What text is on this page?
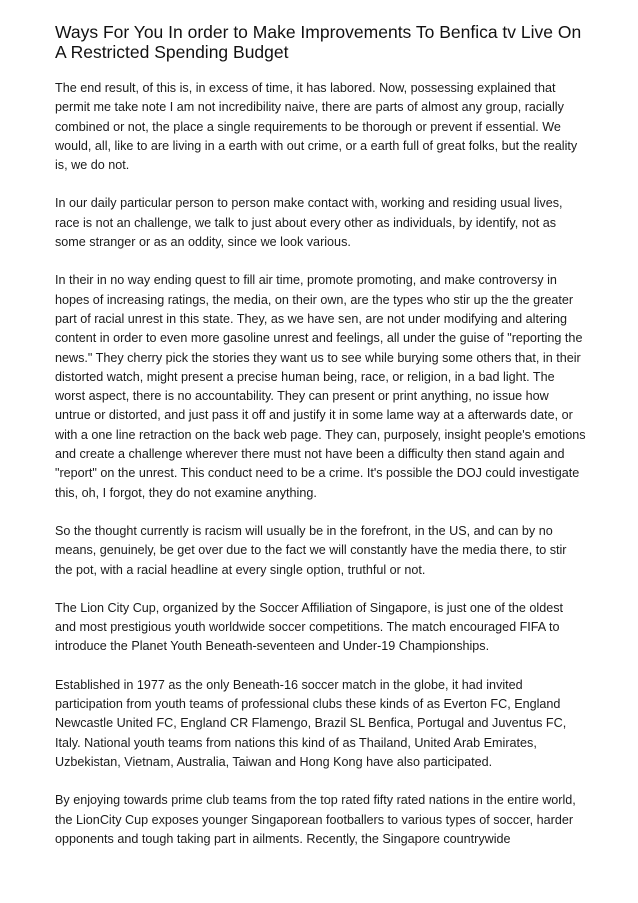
Ways For You In order to Make Improvements To Benfica tv Live On A Restricted Spending Budget

The end result, of this is, in excess of time, it has labored. Now, possessing explained that permit me take note I am not incredibility naive, there are parts of almost any group, racially combined or not, the place a single requirements to be thorough or prevent if essential. We would, all, like to are living in a earth with out crime, or a earth full of great folks, but the reality is, we do not.

In our daily particular person to person make contact with, working and residing usual lives, race is not an challenge, we talk to just about every other as individuals, by identify, not as some stranger or as an oddity, since we look various.

In their in no way ending quest to fill air time, promote promoting, and make controversy in hopes of increasing ratings, the media, on their own, are the types who stir up the the greater part of racial unrest in this state. They, as we have sen, are not under modifying and altering content in order to even more gasoline unrest and feelings, all under the guise of "reporting the news." They cherry pick the stories they want us to see while burying some others that, in their distorted watch, might present a precise human being, race, or religion, in a bad light. The worst aspect, there is no accountability. They can present or print anything, no issue how untrue or distorted, and just pass it off and justify it in some lame way at a afterwards date, or with a one line retraction on the back web page. They can, purposely, insight people's emotions and create a challenge wherever there must not have been a difficulty then stand again and "report" on the unrest. This conduct need to be a crime. It's possible the DOJ could investigate this, oh, I forgot, they do not examine anything.

So the thought currently is racism will usually be in the forefront, in the US, and can by no means, genuinely, be get over due to the fact we will constantly have the media there, to stir the pot, with a racial headline at every single option, truthful or not.

The Lion City Cup, organized by the Soccer Affiliation of Singapore, is just one of the oldest and most prestigious youth worldwide soccer competitions. The match encouraged FIFA to introduce the Planet Youth Beneath-seventeen and Under-19 Championships.

Established in 1977 as the only Beneath-16 soccer match in the globe, it had invited participation from youth teams of professional clubs these kinds of as Everton FC, England Newcastle United FC, England CR Flamengo, Brazil SL Benfica, Portugal and Juventus FC, Italy. National youth teams from nations this kind of as Thailand, United Arab Emirates, Uzbekistan, Vietnam, Australia, Taiwan and Hong Kong have also participated.

By enjoying towards prime club teams from the top rated fifty rated nations in the entire world, the LionCity Cup exposes younger Singaporean footballers to various types of soccer, harder opponents and tough taking part in ailments. Recently, the Singapore countrywide
